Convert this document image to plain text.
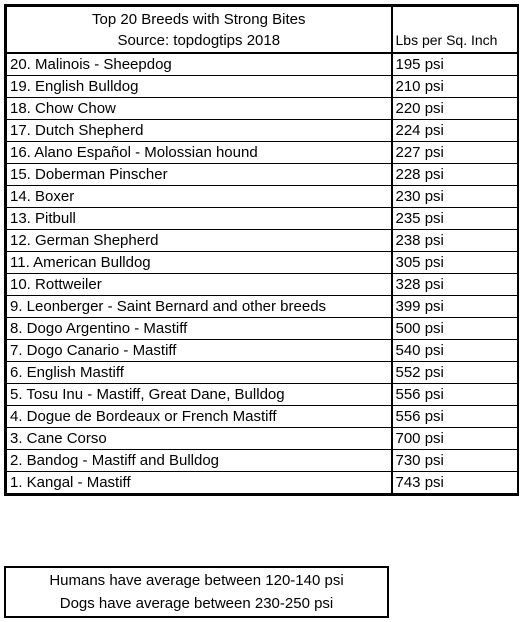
Top 20 Breeds with Strong Bites
Source: topdogtips 2018	Lbs per Sq. Inch
20. Malinois - Sheepdog	195 psi
19. English Bulldog	210 psi
18. Chow Chow	220 psi
17. Dutch Shepherd	224 psi
16. Alano Español - Molossian hound	227 psi
15. Doberman Pinscher	228 psi
14. Boxer	230 psi
13. Pitbull	235 psi
12. German Shepherd	238 psi
11. American Bulldog	305 psi
10. Rottweiler	328 psi
9. Leonberger - Saint Bernard and other breeds	399 psi
8. Dogo Argentino - Mastiff	500 psi
7. Dogo Canario - Mastiff	540 psi
6. English Mastiff	552 psi
5. Tosu Inu - Mastiff, Great Dane, Bulldog	556 psi
4. Dogue de Bordeaux or French Mastiff	556 psi
3. Cane Corso	700 psi
2. Bandog - Mastiff and Bulldog	730 psi
1. Kangal - Mastiff	743 psi
Humans have average between 120-140 psi
Dogs have average between 230-250 psi
